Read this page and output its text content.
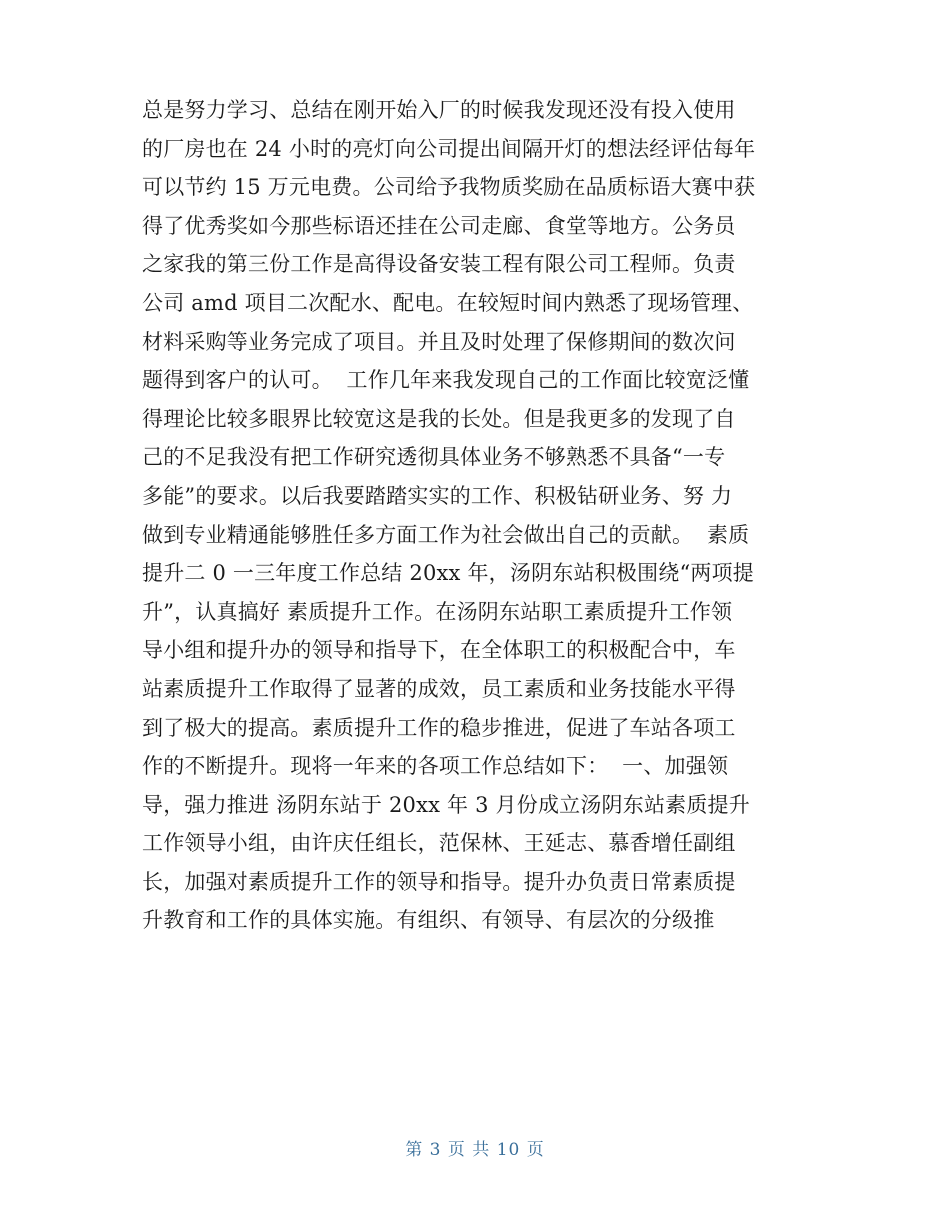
总是努力学习、总结在刚开始入厂的时候我发现还没有投入使用
的厂房也在 24 小时的亮灯向公司提出间隔开灯的想法经评估每年
可以节约 15 万元电费。公司给予我物质奖励在品质标语大赛中获
得了优秀奖如今那些标语还挂在公司走廊、食堂等地方。公务员
之家我的第三份工作是高得设备安装工程有限公司工程师。负责
公司 amd 项目二次配水、配电。在较短时间内熟悉了现场管理、
材料采购等业务完成了项目。并且及时处理了保修期间的数次问
题得到客户的认可。  工作几年来我发现自己的工作面比较宽泛懂
得理论比较多眼界比较宽这是我的长处。但是我更多的发现了自
己的不足我没有把工作研究透彻具体业务不够熟悉不具备“一专
多能”的要求。以后我要踏踏实实的工作、积极钻研业务、努 力
做到专业精通能够胜任多方面工作为社会做出自己的贡献。  素质
提升二 0 一三年度工作总结 20xx 年，汤阴东站积极围绕“两项提
升”，认真搞好 素质提升工作。在汤阴东站职工素质提升工作领
导小组和提升办的领导和指导下，在全体职工的积极配合中，车
站素质提升工作取得了显著的成效，员工素质和业务技能水平得
到了极大的提高。素质提升工作的稳步推进，促进了车站各项工
作的不断提升。现将一年来的各项工作总结如下：  一、加强领
导，强力推进 汤阴东站于 20xx 年 3 月份成立汤阴东站素质提升
工作领导小组，由许庆任组长，范保林、王延志、慕香增任副组
长，加强对素质提升工作的领导和指导。提升办负责日常素质提
升教育和工作的具体实施。有组织、有领导、有层次的分级推
第 3 页 共 10 页
